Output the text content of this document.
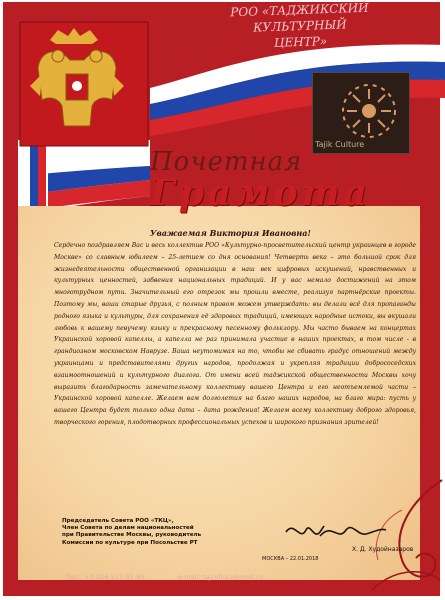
РОО «ТАДЖИКСКИЙ
КУЛЬТУРНЫЙ
ЦЕНТР»
Tajik Culture
Почетная
Грамота
Уважаемая Виктория Ивановна!

Сердечно поздравляем Вас и весь коллектив РОО «Культурно-просветительский центр украинцев в городе Москве» со славным юбилеем – 25-летием со дня основания! Четверть века – это большой срок для жизнедеятельности общественной организации в наш век цифровых искушений, нравственных и культурных ценностей, забвения национальных традиций. И у вас немало достижений на этом многотрудном пути. Значительный его отрезок мы прошли вместе, реализуя партнёрские проекты. Поэтому мы, ваши старые друзья, с полным правом можем утверждать: вы делали всё для пропаганды родного языка и культуры, для сохранения её здоровых традиций, имеющих народные истоки, вы вкушали любовь к вашему певучему языку и прекрасному песенному фольклору. Мы часто бываем на концертах Украинской хоровой капеллы, а капелла не раз принимала участие в наших проектах, в том числе - в грандиозном московском Наврузе. Ваша неутомимая на то, чтобы не сбивать градус отношений между украинцами и представителями других народов, продолжая и укрепляя традиции добрососедских взаимоотношений и культурного диалога. От имени всей таджикской общественности Москвы хочу выразить благодарность замечательному коллективу вашего Центра и его неотъемлемой части – Украинской хоровой капелле. Желаем вам долголетия на благо наших народов, на благо мира: пусть у вашего Центра будет только одна дата – дата рождения! Желаем всему коллективу доброго здоровья, творческого горения, плодотворных профессиональных успехов и широкого признания зрителей!

Председатель Совета РОО «ТКЦ»,
Член Совета по делам национальностей
при Правительстве Москвы, руководитель
Комиссии по культуре при Посольстве РТ
Х. Д. Худойназаров
МОСКВА – 22.01.2018
Тел.: +7 926-522-55-95	e-mail: tajculture@mail.ru
